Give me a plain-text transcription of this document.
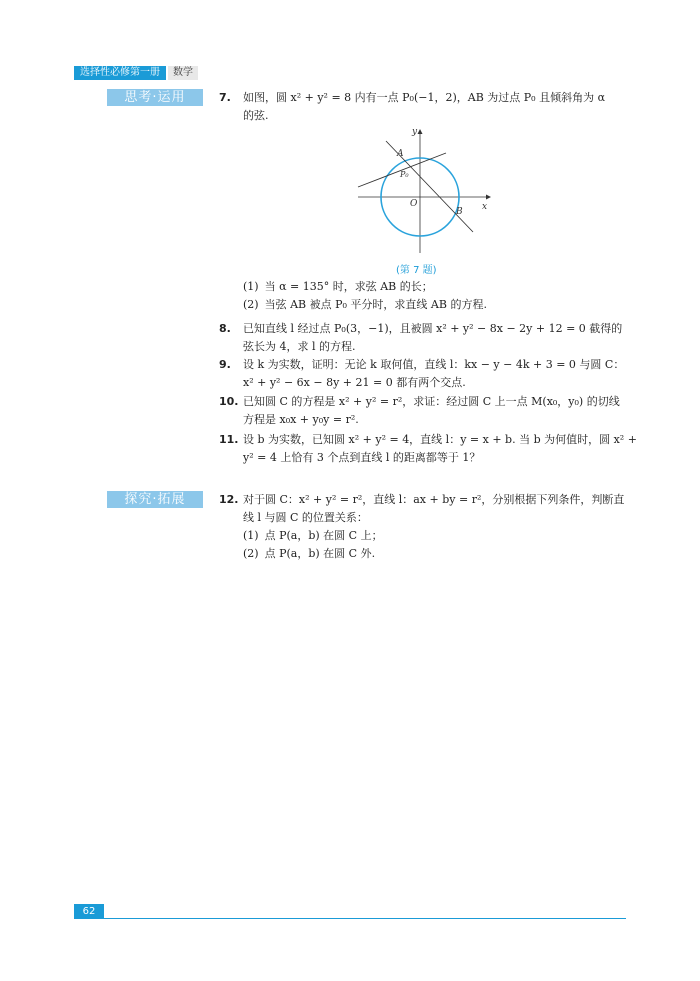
选择性必修第一册	数学
思考·运用
探究·拓展
7. 如图，圆 x² + y² = 8 内有一点 P₀(−1，2)，AB 为过点 P₀ 且倾斜角为 α
的弦.
y
x
O
A
B
P₀
(第 7 题)
(1) 当 α = 135° 时，求弦 AB 的长；
(2) 当弦 AB 被点 P₀ 平分时，求直线 AB 的方程.
8. 已知直线 l 经过点 P₀(3，−1)，且被圆 x² + y² − 8x − 2y + 12 = 0 截得的
弦长为 4，求 l 的方程.
9. 设 k 为实数，证明：无论 k 取何值，直线 l：kx − y − 4k + 3 = 0 与圆 C：
x² + y² − 6x − 8y + 21 = 0 都有两个交点.
10. 已知圆 C 的方程是 x² + y² = r²，求证：经过圆 C 上一点 M(x₀，y₀) 的切线
方程是 x₀x + y₀y = r².
11. 设 b 为实数，已知圆 x² + y² = 4，直线 l：y = x + b. 当 b 为何值时，圆 x² +
y² = 4 上恰有 3 个点到直线 l 的距离都等于 1？
12. 对于圆 C：x² + y² = r²，直线 l：ax + by = r²，分别根据下列条件，判断直
线 l 与圆 C 的位置关系：
(1) 点 P(a，b) 在圆 C 上；
(2) 点 P(a，b) 在圆 C 外.
62
